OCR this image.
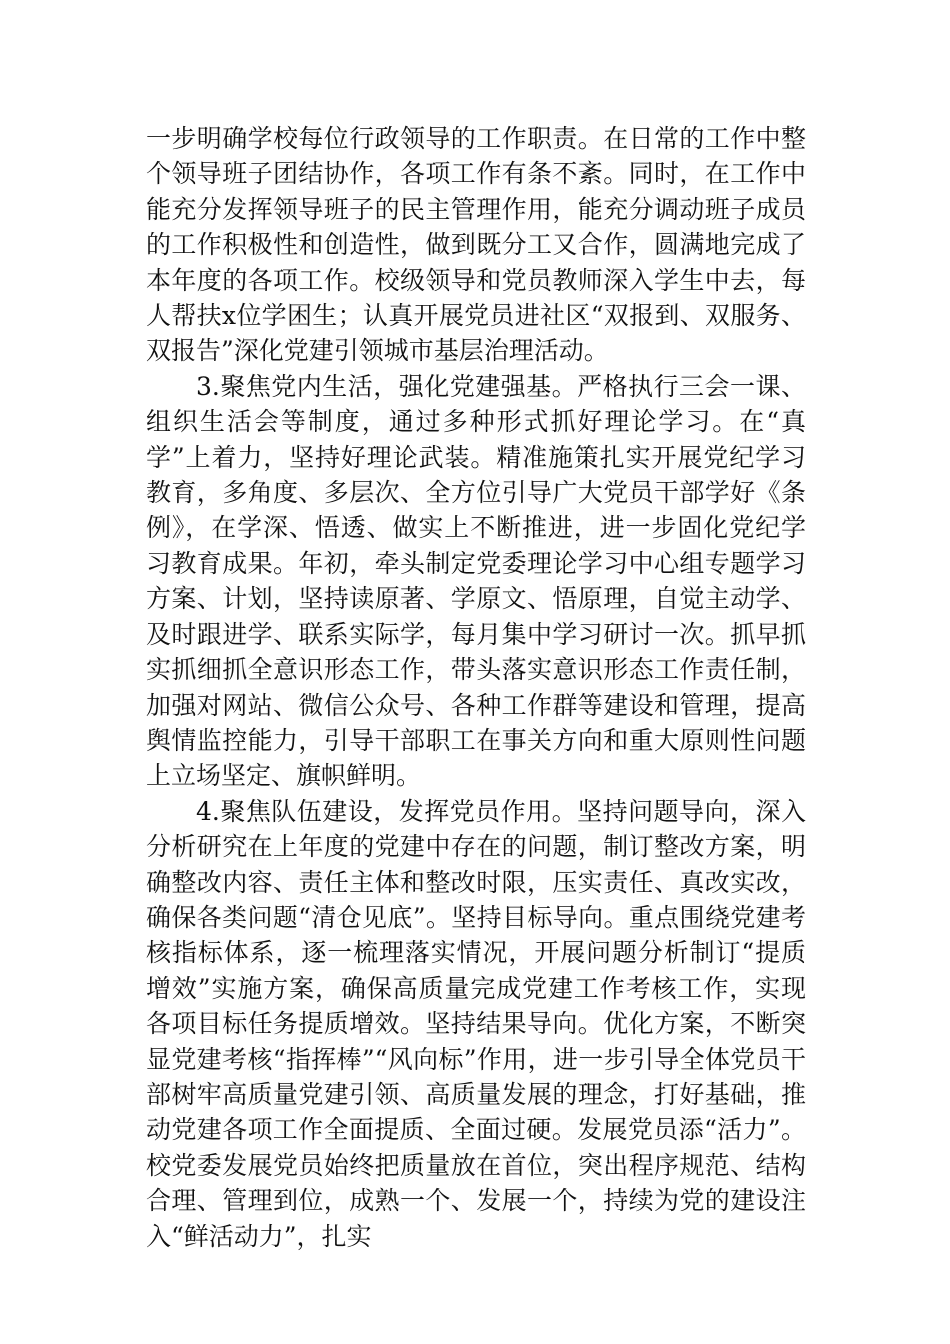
一步明确学校每位行政领导的工作职责。在日常的工作中整个领导班子团结协作，各项工作有条不紊。同时，在工作中能充分发挥领导班子的民主管理作用，能充分调动班子成员的工作积极性和创造性，做到既分工又合作，圆满地完成了本年度的各项工作。校级领导和党员教师深入学生中去，每人帮扶x位学困生；认真开展党员进社区“双报到、双服务、双报告”深化党建引领城市基层治理活动。

3.聚焦党内生活，强化党建强基。严格执行三会一课、组织生活会等制度，通过多种形式抓好理论学习。在“真学”上着力，坚持好理论武装。精准施策扎实开展党纪学习教育，多角度、多层次、全方位引导广大党员干部学好《条例》，在学深、悟透、做实上不断推进，进一步固化党纪学习教育成果。年初，牵头制定党委理论学习中心组专题学习方案、计划，坚持读原著、学原文、悟原理，自觉主动学、及时跟进学、联系实际学，每月集中学习研讨一次。抓早抓实抓细抓全意识形态工作，带头落实意识形态工作责任制，加强对网站、微信公众号、各种工作群等建设和管理，提高舆情监控能力，引导干部职工在事关方向和重大原则性问题上立场坚定、旗帜鲜明。

4.聚焦队伍建设，发挥党员作用。坚持问题导向，深入分析研究在上年度的党建中存在的问题，制订整改方案，明确整改内容、责任主体和整改时限，压实责任、真改实改，确保各类问题“清仓见底”。坚持目标导向。重点围绕党建考核指标体系，逐一梳理落实情况，开展问题分析制订“提质增效”实施方案，确保高质量完成党建工作考核工作，实现各项目标任务提质增效。坚持结果导向。优化方案，不断突显党建考核“指挥棒”“风向标”作用，进一步引导全体党员干部树牢高质量党建引领、高质量发展的理念，打好基础，推动党建各项工作全面提质、全面过硬。发展党员添“活力”。校党委发展党员始终把质量放在首位，突出程序规范、结构合理、管理到位，成熟一个、发展一个，持续为党的建设注入“鲜活动力”，扎实
